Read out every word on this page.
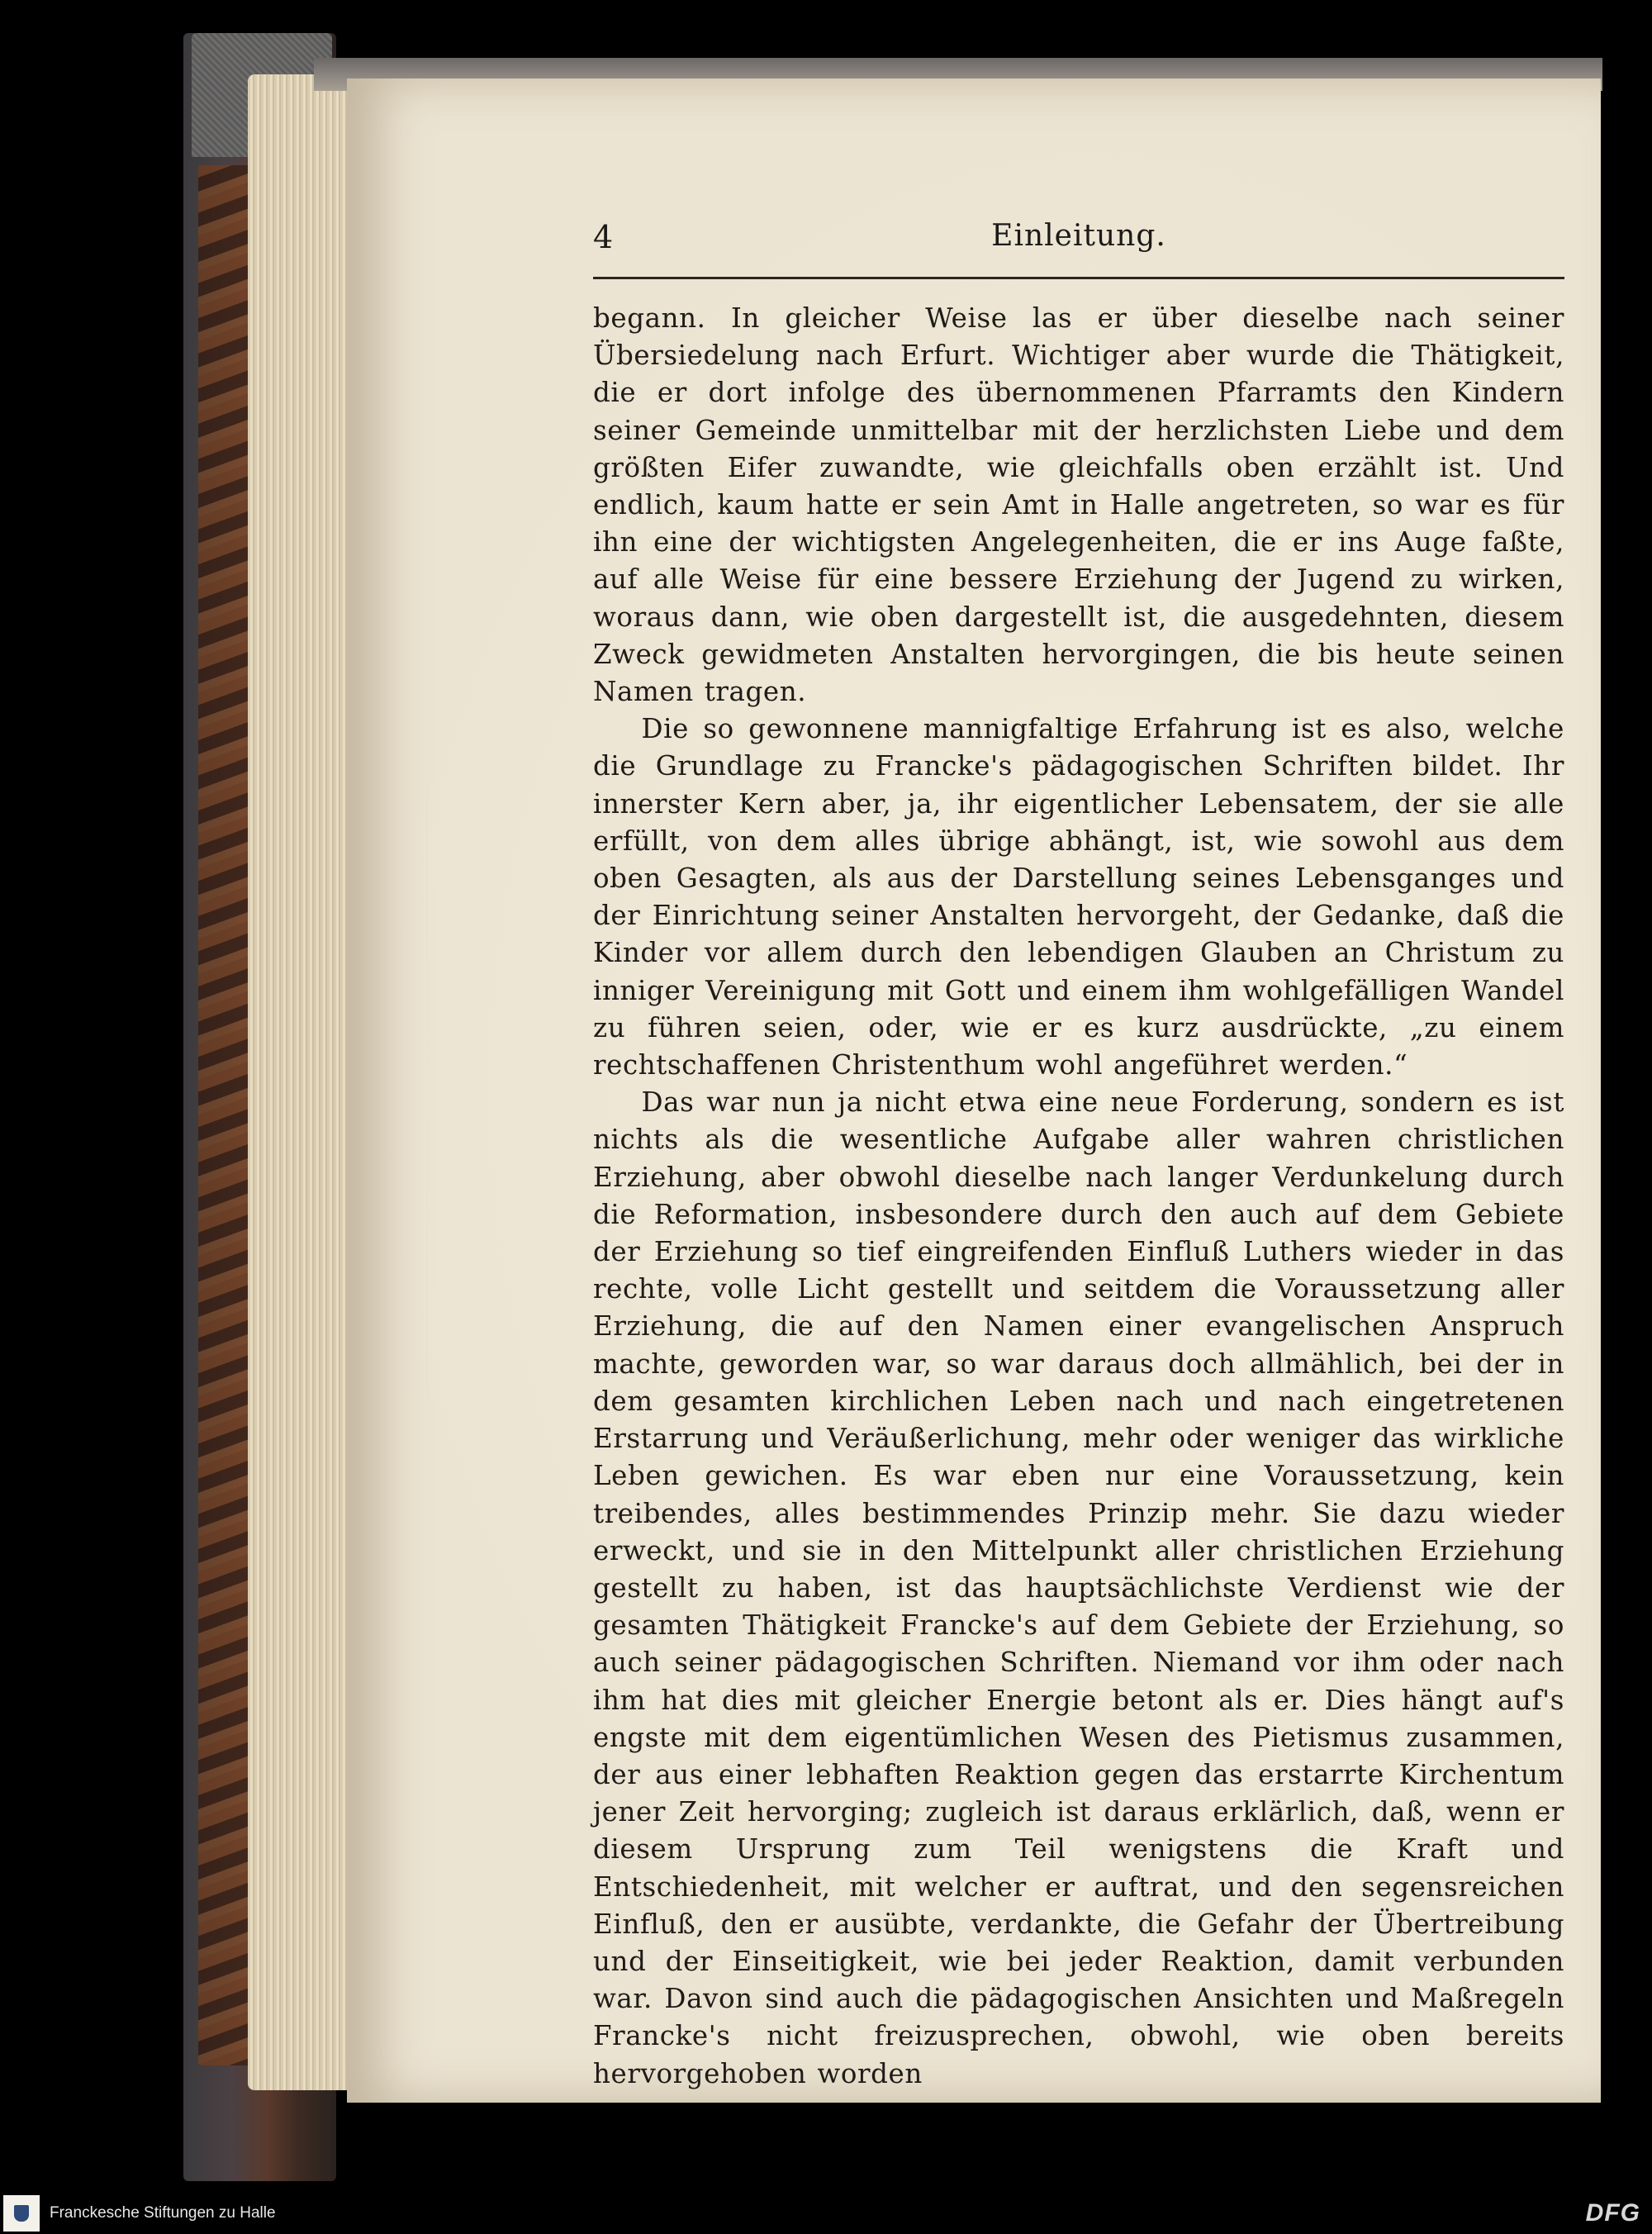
4	Einleitung.

begann. In gleicher Weise las er über dieselbe nach seiner Übersiedelung nach Erfurt. Wichtiger aber wurde die Thätigkeit, die er dort infolge des übernommenen Pfarramts den Kindern seiner Gemeinde unmittelbar mit der herzlichsten Liebe und dem größten Eifer zuwandte, wie gleichfalls oben erzählt ist. Und endlich, kaum hatte er sein Amt in Halle angetreten, so war es für ihn eine der wichtigsten Angelegenheiten, die er ins Auge faßte, auf alle Weise für eine bessere Erziehung der Jugend zu wirken, woraus dann, wie oben dargestellt ist, die ausgedehnten, diesem Zweck gewidmeten Anstalten hervorgingen, die bis heute seinen Namen tragen.

Die so gewonnene mannigfaltige Erfahrung ist es also, welche die Grundlage zu Francke's pädagogischen Schriften bildet. Ihr innerster Kern aber, ja, ihr eigentlicher Lebensatem, der sie alle erfüllt, von dem alles übrige abhängt, ist, wie sowohl aus dem oben Gesagten, als aus der Darstellung seines Lebensganges und der Einrichtung seiner Anstalten hervorgeht, der Gedanke, daß die Kinder vor allem durch den lebendigen Glauben an Christum zu inniger Vereinigung mit Gott und einem ihm wohlgefälligen Wandel zu führen seien, oder, wie er es kurz ausdrückte, „zu einem rechtschaffenen Christenthum wohl angeführet werden.“

Das war nun ja nicht etwa eine neue Forderung, sondern es ist nichts als die wesentliche Aufgabe aller wahren christlichen Erziehung, aber obwohl dieselbe nach langer Verdunkelung durch die Reformation, insbesondere durch den auch auf dem Gebiete der Erziehung so tief eingreifenden Einfluß Luthers wieder in das rechte, volle Licht gestellt und seitdem die Voraussetzung aller Erziehung, die auf den Namen einer evangelischen Anspruch machte, geworden war, so war daraus doch allmählich, bei der in dem gesamten kirchlichen Leben nach und nach eingetretenen Erstarrung und Veräußerlichung, mehr oder weniger das wirkliche Leben gewichen. Es war eben nur eine Voraussetzung, kein treibendes, alles bestimmendes Prinzip mehr. Sie dazu wieder erweckt, und sie in den Mittelpunkt aller christlichen Erziehung gestellt zu haben, ist das hauptsächlichste Verdienst wie der gesamten Thätigkeit Francke's auf dem Gebiete der Erziehung, so auch seiner pädagogischen Schriften. Niemand vor ihm oder nach ihm hat dies mit gleicher Energie betont als er. Dies hängt auf's engste mit dem eigentümlichen Wesen des Pietismus zusammen, der aus einer lebhaften Reaktion gegen das erstarrte Kirchentum jener Zeit hervorging; zugleich ist daraus erklärlich, daß, wenn er diesem Ursprung zum Teil wenigstens die Kraft und Entschiedenheit, mit welcher er auftrat, und den segensreichen Einfluß, den er ausübte, verdankte, die Gefahr der Übertreibung und der Einseitigkeit, wie bei jeder Reaktion, damit verbunden war. Davon sind auch die pädagogischen Ansichten und Maßregeln Francke's nicht freizusprechen, obwohl, wie oben bereits hervorgehoben worden

Franckesche Stiftungen zu Halle	DFG
